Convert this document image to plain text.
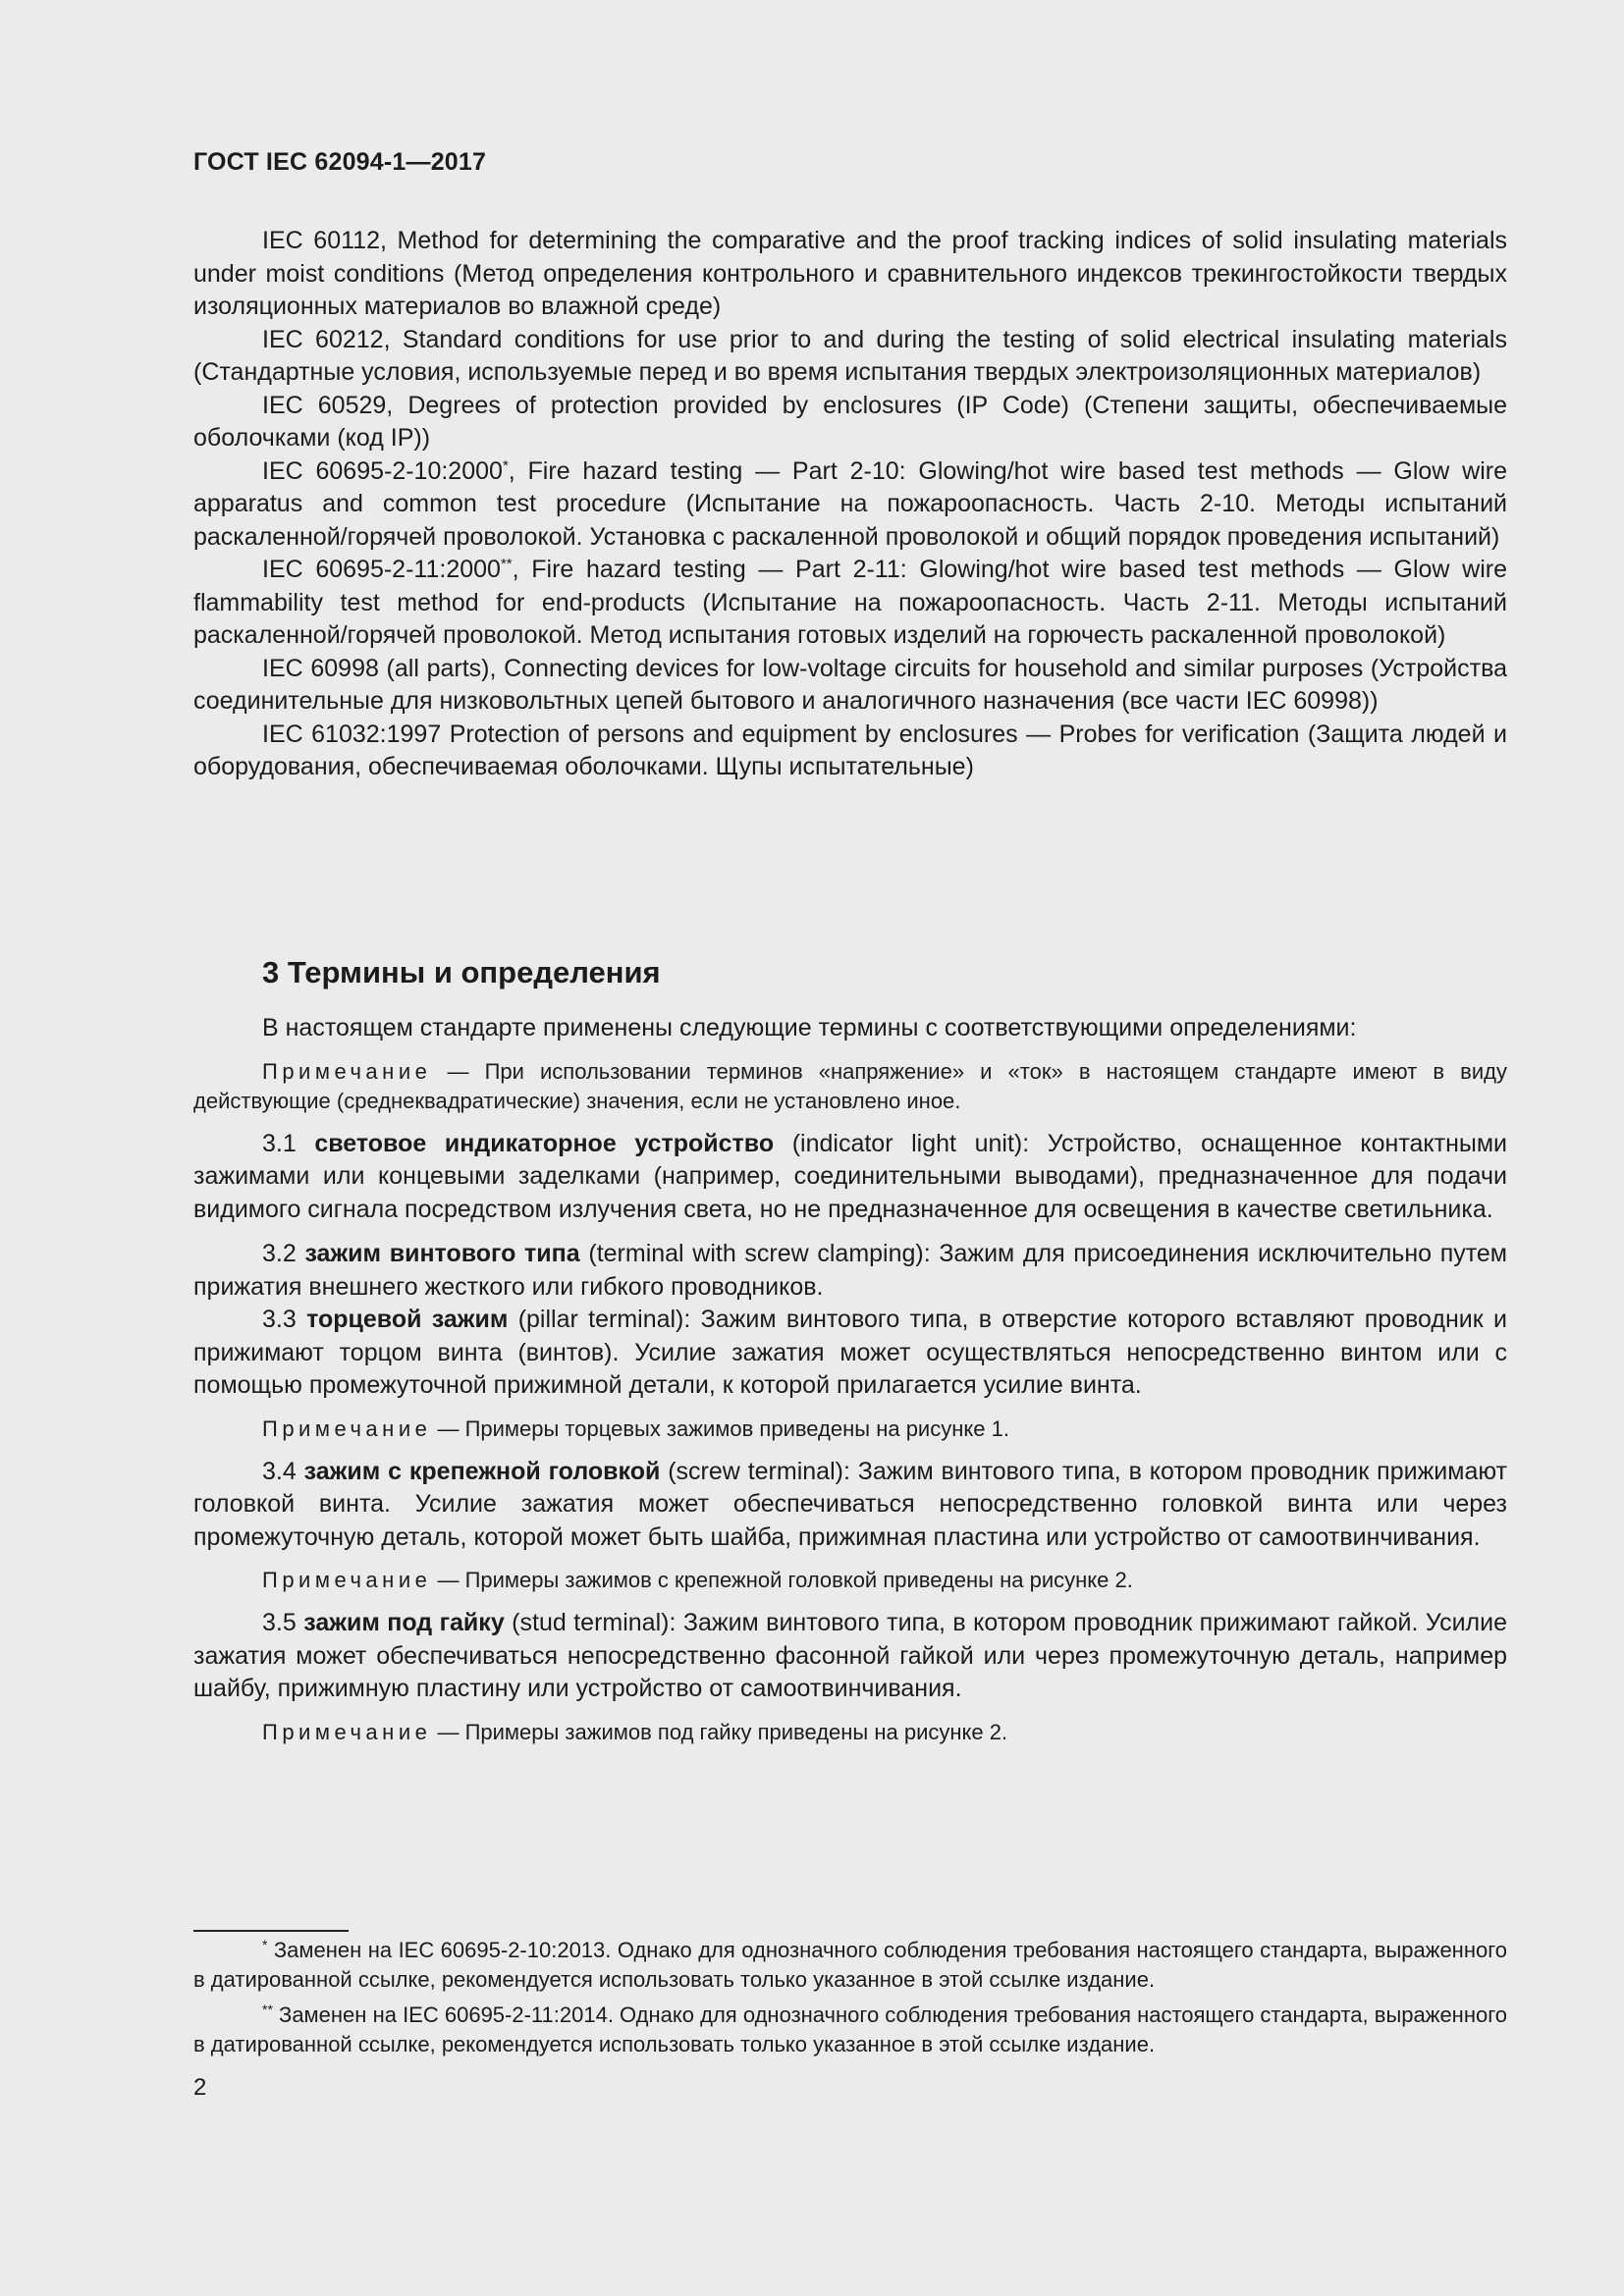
ГОСТ IEC 62094-1—2017

IEC 60112, Method for determining the comparative and the proof tracking indices of solid insulating materials under moist conditions (Метод определения контрольного и сравнительного индексов трекингостойкости твердых изоляционных материалов во влажной среде)

IEC 60212, Standard conditions for use prior to and during the testing of solid electrical insulating materials (Стандартные условия, используемые перед и во время испытания твердых электроизоляционных материалов)

IEC 60529, Degrees of protection provided by enclosures (IP Code) (Степени защиты, обеспечиваемые оболочками (код IP))

IEC 60695-2-10:2000*, Fire hazard testing — Part 2-10: Glowing/hot wire based test methods — Glow wire apparatus and common test procedure (Испытание на пожароопасность. Часть 2-10. Методы испытаний раскаленной/горячей проволокой. Установка с раскаленной проволокой и общий порядок проведения испытаний)

IEC 60695-2-11:2000**, Fire hazard testing — Part 2-11: Glowing/hot wire based test methods — Glow wire flammability test method for end-products (Испытание на пожароопасность. Часть 2-11. Методы испытаний раскаленной/горячей проволокой. Метод испытания готовых изделий на горючесть раскаленной проволокой)

IEC 60998 (all parts), Connecting devices for low-voltage circuits for household and similar purposes (Устройства соединительные для низковольтных цепей бытового и аналогичного назначения (все части IEC 60998))

IEC 61032:1997 Protection of persons and equipment by enclosures — Probes for verification (Защита людей и оборудования, обеспечиваемая оболочками. Щупы испытательные)

3 Термины и определения

В настоящем стандарте применены следующие термины с соответствующими определениями:

Примечание — При использовании терминов «напряжение» и «ток» в настоящем стандарте имеют в виду действующие (среднеквадратические) значения, если не установлено иное.

3.1 световое индикаторное устройство (indicator light unit): Устройство, оснащенное контактными зажимами или концевыми заделками (например, соединительными выводами), предназначенное для подачи видимого сигнала посредством излучения света, но не предназначенное для освещения в качестве светильника.

3.2 зажим винтового типа (terminal with screw clamping): Зажим для присоединения исключительно путем прижатия внешнего жесткого или гибкого проводников.

3.3 торцевой зажим (pillar terminal): Зажим винтового типа, в отверстие которого вставляют проводник и прижимают торцом винта (винтов). Усилие зажатия может осуществляться непосредственно винтом или с помощью промежуточной прижимной детали, к которой прилагается усилие винта.

Примечание — Примеры торцевых зажимов приведены на рисунке 1.

3.4 зажим с крепежной головкой (screw terminal): Зажим винтового типа, в котором проводник прижимают головкой винта. Усилие зажатия может обеспечиваться непосредственно головкой винта или через промежуточную деталь, которой может быть шайба, прижимная пластина или устройство от самоотвинчивания.

Примечание — Примеры зажимов с крепежной головкой приведены на рисунке 2.

3.5 зажим под гайку (stud terminal): Зажим винтового типа, в котором проводник прижимают гайкой. Усилие зажатия может обеспечиваться непосредственно фасонной гайкой или через промежуточную деталь, например шайбу, прижимную пластину или устройство от самоотвинчивания.

Примечание — Примеры зажимов под гайку приведены на рисунке 2.

* Заменен на IEC 60695-2-10:2013. Однако для однозначного соблюдения требования настоящего стандарта, выраженного в датированной ссылке, рекомендуется использовать только указанное в этой ссылке издание.

** Заменен на IEC 60695-2-11:2014. Однако для однозначного соблюдения требования настоящего стандарта, выраженного в датированной ссылке, рекомендуется использовать только указанное в этой ссылке издание.

2
